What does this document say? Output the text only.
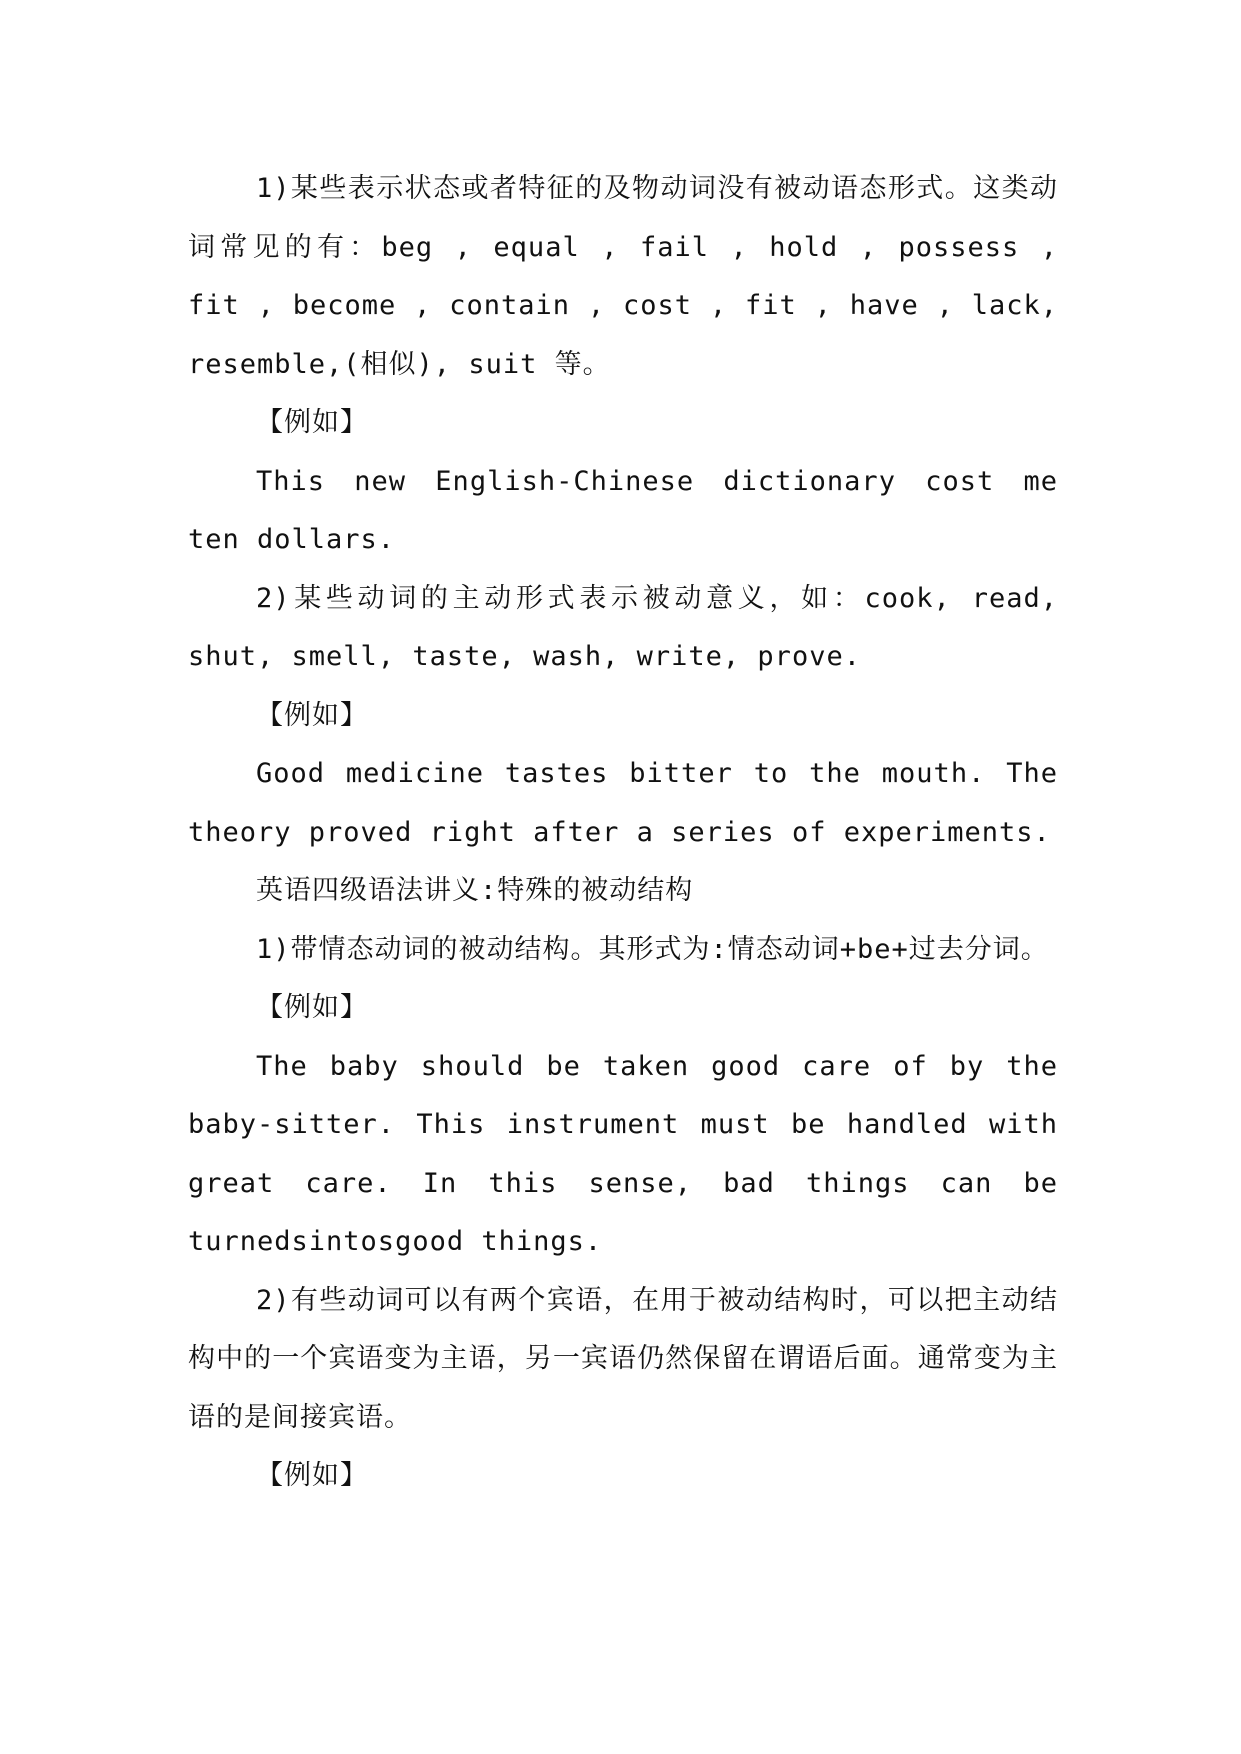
1)某些表示状态或者特征的及物动词没有被动语态形式。这类动词常见的有：beg , equal , fail , hold , possess , fit , become , contain , cost , fit , have , lack, resemble,(相似), suit 等。

【例如】

This new English-Chinese dictionary cost me ten dollars.

2)某些动词的主动形式表示被动意义，如：cook, read, shut, smell, taste, wash, write, prove.

【例如】

Good medicine tastes bitter to the mouth. The theory proved right after a series of experiments.

英语四级语法讲义:特殊的被动结构

1)带情态动词的被动结构。其形式为:情态动词+be+过去分词。

【例如】

The baby should be taken good care of by the baby-sitter. This instrument must be handled with great care. In this sense, bad things can be turnedsintosgood things.

2)有些动词可以有两个宾语，在用于被动结构时，可以把主动结构中的一个宾语变为主语，另一宾语仍然保留在谓语后面。通常变为主语的是间接宾语。

【例如】
